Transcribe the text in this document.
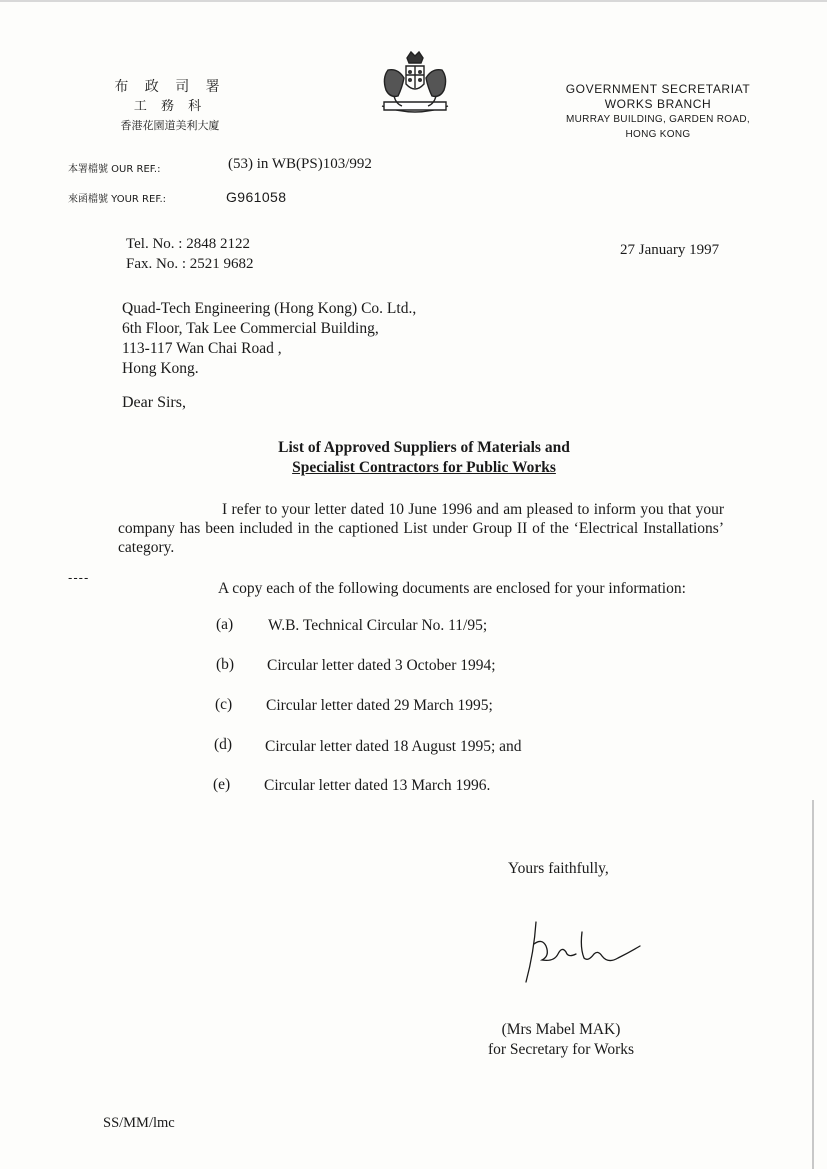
布 政 司 署
工 務 科
香港花園道美利大廈
GOVERNMENT SECRETARIAT
WORKS BRANCH
MURRAY BUILDING, GARDEN ROAD,
HONG KONG
本署檔號 OUR REF.:	(53) in WB(PS)103/992
來函檔號 YOUR REF.:	G961058
Tel. No. : 2848 2122
Fax. No. : 2521 9682
27 January 1997
Quad-Tech Engineering (Hong Kong) Co. Ltd.,
6th Floor, Tak Lee Commercial Building,
113-117 Wan Chai Road ,
Hong Kong.
Dear Sirs,
List of Approved Suppliers of Materials and
Specialist Contractors for Public Works
I refer to your letter dated 10 June 1996 and am pleased to inform you that your company has been included in the captioned List under Group II of the ‘Electrical Installations’ category.
----
A copy each of the following documents are enclosed for your information:
(a)	W.B. Technical Circular No. 11/95;
(b)	Circular letter dated 3 October 1994;
(c)	Circular letter dated 29 March 1995;
(d)	Circular letter dated 18 August 1995; and
(e)	Circular letter dated 13 March 1996.
Yours faithfully,
(Mrs Mabel MAK)
for Secretary for Works
SS/MM/lmc
